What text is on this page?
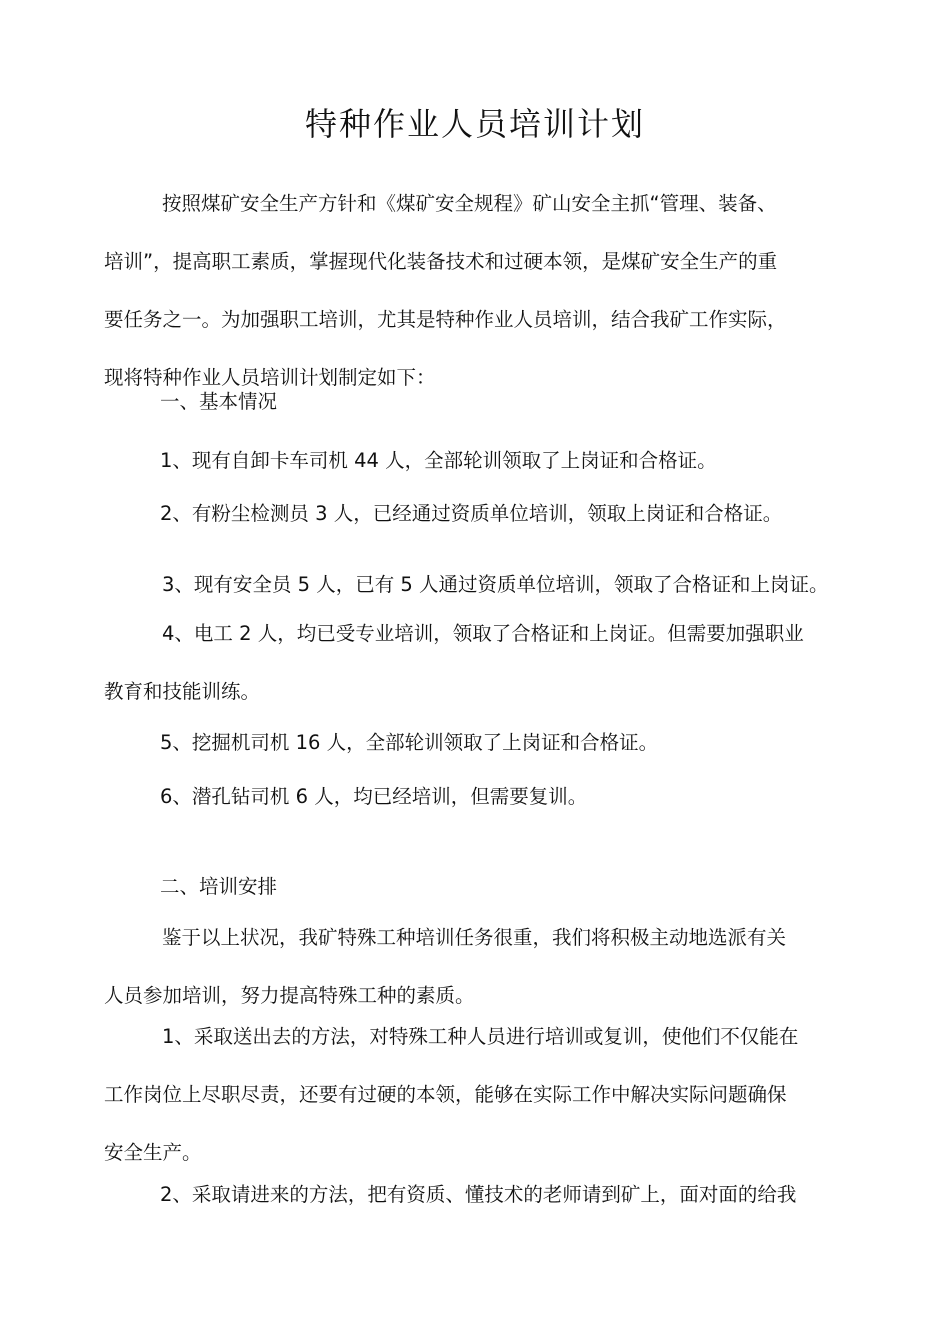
特种作业人员培训计划
按照煤矿安全生产方针和《煤矿安全规程》矿山安全主抓“管理、装备、
培训”，提高职工素质，掌握现代化装备技术和过硬本领，是煤矿安全生产的重
要任务之一。为加强职工培训，尤其是特种作业人员培训，结合我矿工作实际，
现将特种作业人员培训计划制定如下：
一、基本情况
1、现有自卸卡车司机 44 人，全部轮训领取了上岗证和合格证。
2、有粉尘检测员 3 人，已经通过资质单位培训，领取上岗证和合格证。
3、现有安全员 5 人，已有 5 人通过资质单位培训，领取了合格证和上岗证。
4、电工 2 人，均已受专业培训，领取了合格证和上岗证。但需要加强职业
教育和技能训练。
5、挖掘机司机 16 人，全部轮训领取了上岗证和合格证。
6、潜孔钻司机 6 人，均已经培训，但需要复训。
二、培训安排
鉴于以上状况，我矿特殊工种培训任务很重，我们将积极主动地选派有关
人员参加培训，努力提高特殊工种的素质。
1、采取送出去的方法，对特殊工种人员进行培训或复训，使他们不仅能在
工作岗位上尽职尽责，还要有过硬的本领，能够在实际工作中解决实际问题确保
安全生产。
2、采取请进来的方法，把有资质、懂技术的老师请到矿上，面对面的给我
